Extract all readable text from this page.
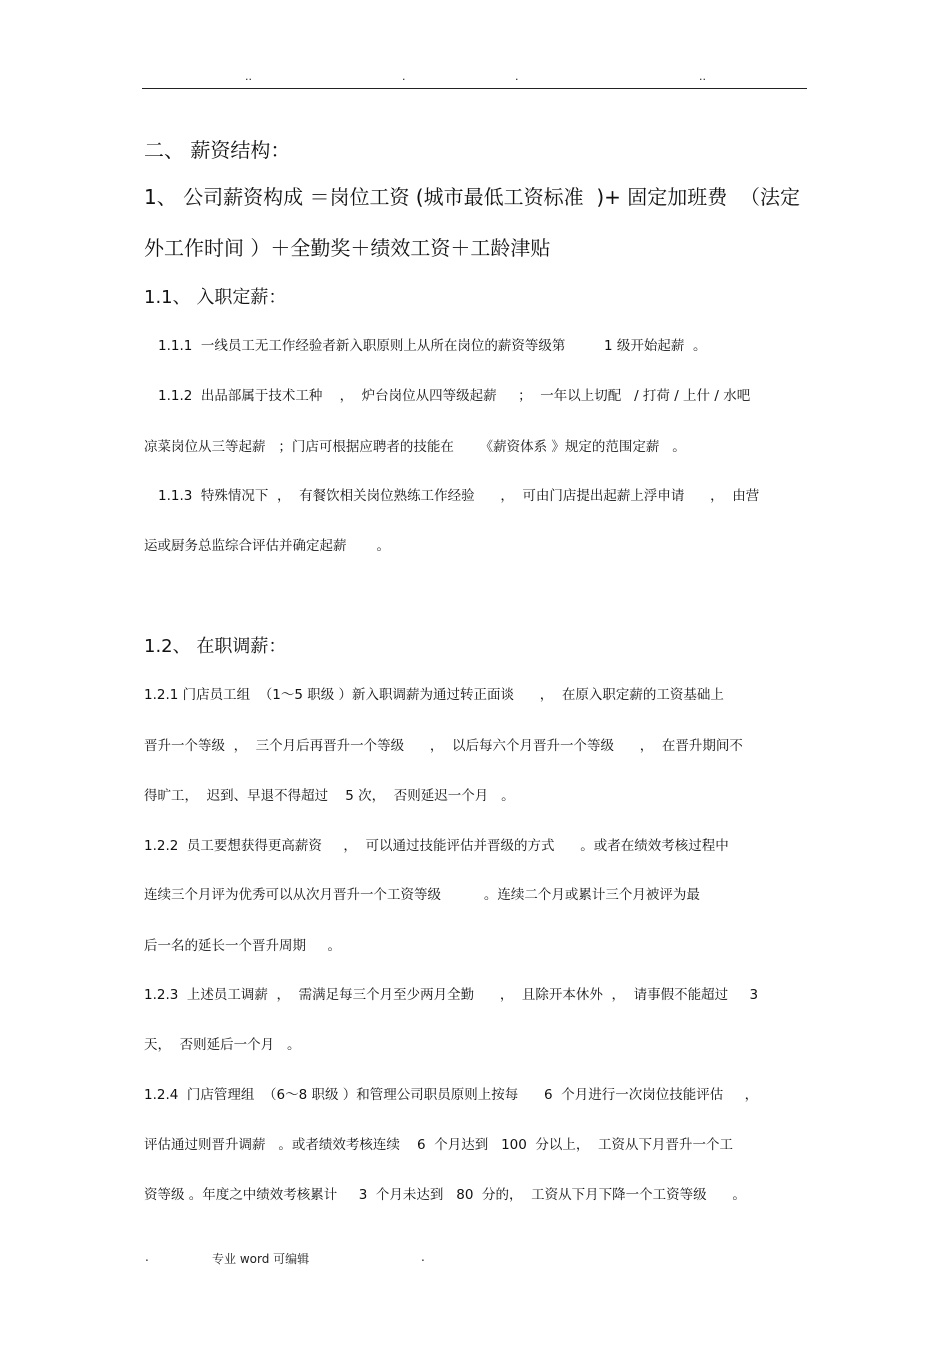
..	.	.	..
二、 薪资结构：
1、 公司薪资构成 ＝岗位工资 (城市最低工资标准  )+ 固定加班费  （法定
外工作时间 ）＋全勤奖＋绩效工资＋工龄津贴
1.1、 入职定薪：
1.1.1  一线员工无工作经验者新入职原则上从所在岗位的薪资等级第         1 级开始起薪  。
1.1.2  出品部属于技术工种    ，  炉台岗位从四等级起薪     ；  一年以上切配   / 打荷 / 上什 / 水吧
凉菜岗位从三等起薪   ；门店可根据应聘者的技能在      《薪资体系 》规定的范围定薪   。
1.1.3  特殊情况下  ，  有餐饮相关岗位熟练工作经验      ，  可由门店提出起薪上浮申请      ，  由营
运或厨务总监综合评估并确定起薪       。
1.2、 在职调薪：
1.2.1 门店员工组  （1～5 职级 ）新入职调薪为通过转正面谈      ，  在原入职定薪的工资基础上
晋升一个等级  ，  三个月后再晋升一个等级      ，  以后每六个月晋升一个等级      ，  在晋升期间不
得旷工，  迟到、早退不得超过    5 次，  否则延迟一个月   。
1.2.2  员工要想获得更高薪资     ，  可以通过技能评估并晋级的方式      。或者在绩效考核过程中
连续三个月评为优秀可以从次月晋升一个工资等级          。连续二个月或累计三个月被评为最
后一名的延长一个晋升周期     。
1.2.3  上述员工调薪  ，  需满足每三个月至少两月全勤      ，  且除开本休外  ，  请事假不能超过     3
天，  否则延后一个月   。
1.2.4  门店管理组  （6～8 职级 ）和管理公司职员原则上按每      6  个月进行一次岗位技能评估     ，
评估通过则晋升调薪   。或者绩效考核连续    6  个月达到   100  分以上，  工资从下月晋升一个工
资等级 。年度之中绩效考核累计     3  个月未达到   80  分的，  工资从下月下降一个工资等级      。
.	专业 word 可编辑	.
